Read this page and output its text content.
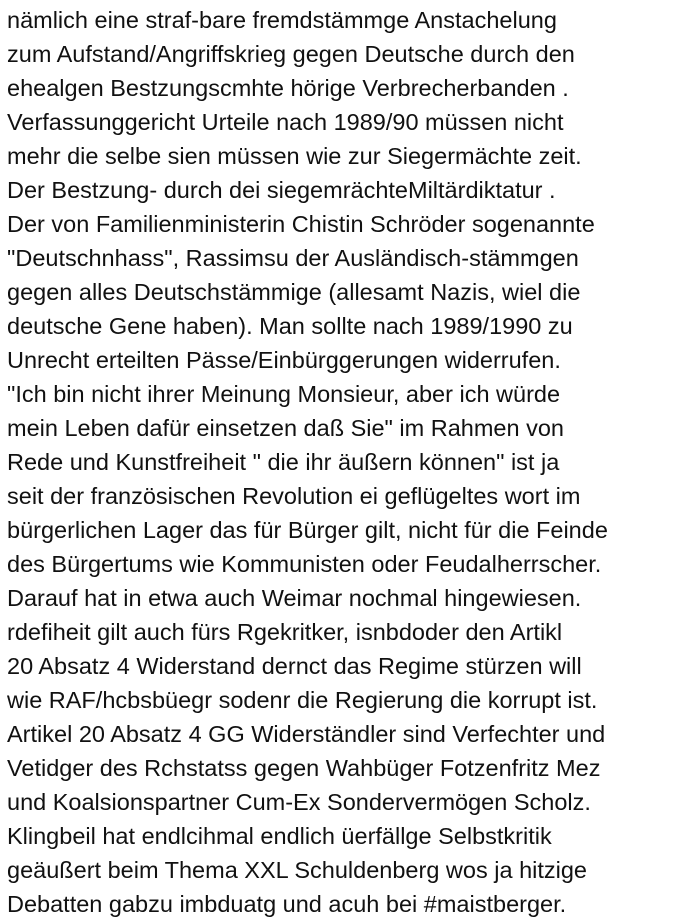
nämlich eine straf-bare fremdstämmge Anstachelung
zum Aufstand/Angriffskrieg gegen Deutsche durch den
ehealgen Bestzungscmhte hörige Verbrecherbanden .
Verfassunggericht Urteile nach 1989/90 müssen nicht
mehr die selbe sien müssen wie zur Siegermächte zeit.
Der Bestzung- durch dei siegemrächteMiltärdiktatur .
Der von Familienministerin Chistin Schröder sogenannte
"Deutschnhass", Rassimsu der Ausländisch-stämmgen
gegen alles Deutschstämmige (allesamt Nazis, wiel die
deutsche Gene haben). Man sollte nach 1989/1990 zu
Unrecht erteilten Pässe/Einbürggerungen widerrufen.
"Ich bin nicht ihrer Meinung Monsieur, aber ich würde
mein Leben dafür einsetzen daß Sie" im Rahmen von
Rede und Kunstfreiheit " die ihr äußern können" ist ja
seit der französischen Revolution ei geflügeltes wort im
bürgerlichen Lager das für Bürger gilt, nicht für die Feinde
des Bürgertums wie Kommunisten oder Feudalherrscher.
Darauf hat in etwa auch Weimar nochmal hingewiesen.
rdefiheit gilt auch fürs Rgekritker, isnbdoder den Artikl
20 Absatz 4 Widerstand dernct das Regime stürzen will
wie RAF/hcbsbüegr sodenr die Regierung die korrupt ist.
Artikel 20 Absatz 4 GG Widerständler sind Verfechter und
Vetidger des Rchstatss gegen Wahbüger Fotzenfritz Mez
und Koalsionspartner Cum-Ex Sondervermögen Scholz.
Klingbeil hat endlcihmal endlich üerfällge Selbstkritik
geäußert beim Thema XXL Schuldenberg wos ja hitzige
Debatten gabzu imbduatg und acuh bei #maistberger.
